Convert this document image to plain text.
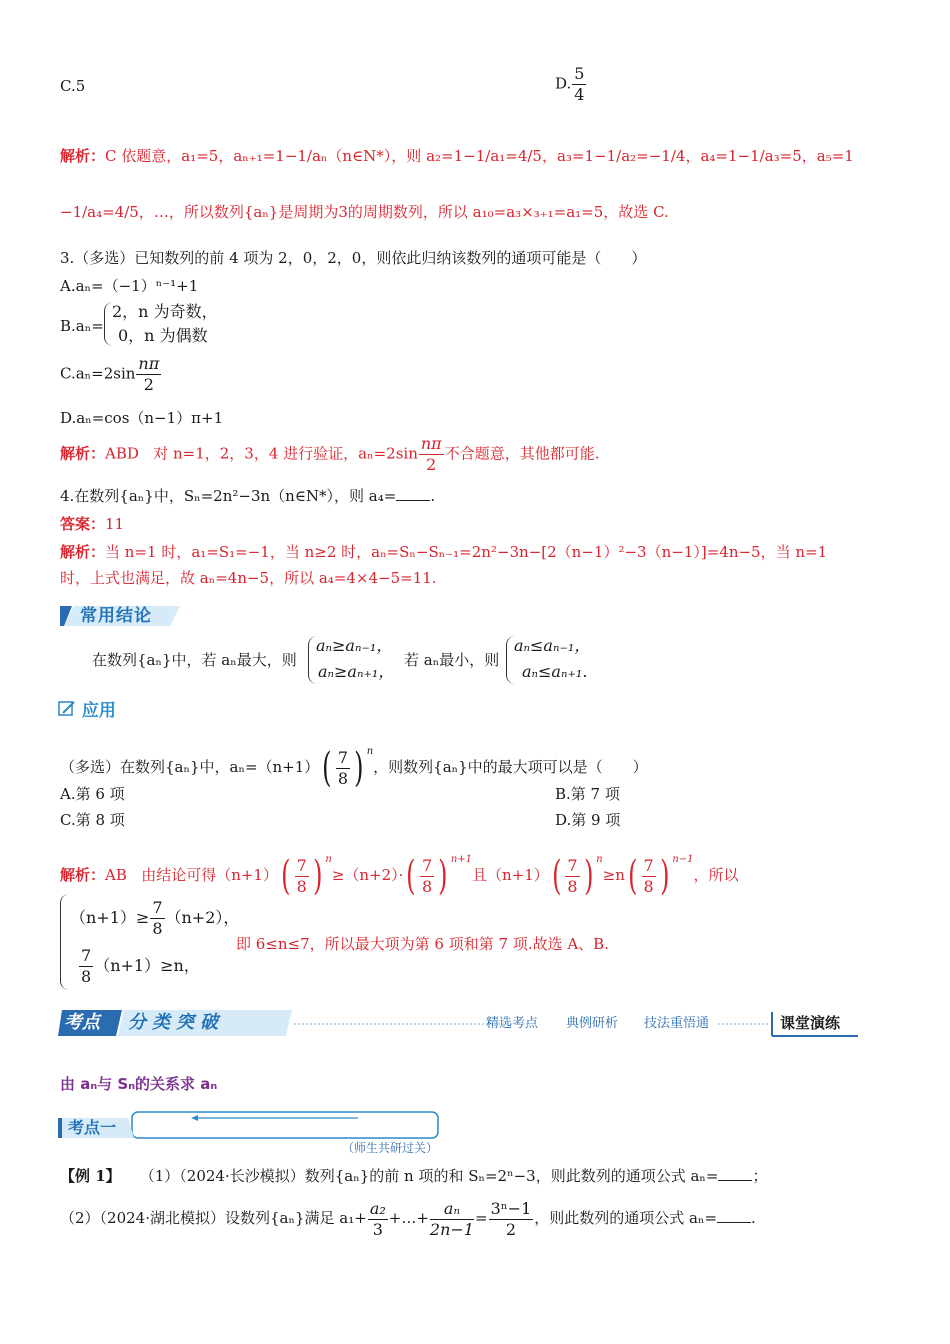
C.5	D. $\frac{5}{4}$
解析：C 依题意，a₁=5，aₙ₊₁=1−1/aₙ（n∈N*），则 a₂=1−1/a₁=4/5，a₃=1−1/a₂=−1/4，a₄=1−1/a₃=5，a₅=1
−1/a₄=4/5，…，所以数列{aₙ}是周期为3的周期数列，所以 a₁₀=a₃×₃₊₁=a₁=5，故选 C.
3.（多选）已知数列的前 4 项为 2，0，2，0，则依此归纳该数列的通项可能是（　　）
A.aₙ=（−1）ⁿ⁻¹+1
B.aₙ=
2，n 为奇数，
0，n 为偶数
$C.a_n=2\sin \frac{n\pi}{2}$
D.aₙ=cos（n−1）π+1
解析：ABD 对 n=1，2，3，4 进行验证，$a_n=2\sin \frac{n\pi}{2}$ 不合题意，其他都可能.
4.在数列{aₙ}中，Sₙ=2n²−3n（n∈N*），则 a₄= .
答案：11
解析：当 n=1 时，a₁=S₁=−1，当 n≥2 时，aₙ=Sₙ−Sₙ₋₁=2n²−3n−[2（n−1）²−3（n−1）]=4n−5，当 n=1
时，上式也满足，故 aₙ=4n−5，所以 a₄=4×4−5=11.
常用结论
在数列{aₙ}中，若 aₙ最大，则
aₙ≥aₙ₋₁，
aₙ≥aₙ₊₁，
若 aₙ最小，则
aₙ≤aₙ₋₁，
aₙ≤aₙ₊₁.
应用
（多选）在数列{aₙ}中，$a_n=(n+1)( \frac{7}{8}$ ) $^n$，则数列{aₙ}中的最大项可以是（　　）
A.第 6 项	B.第 7 项
C.第 8 项	D.第 9 项
解析：AB 由结论可得$(n+1)( \frac{7}{8}$ ) $^n\ge(n+2)\cdot( \frac{7}{8}$ ) $^{n+1}$且$(n+1)( \frac{7}{8}$ ) $^n\ge n( \frac{7}{8}$ ) $^{n-1}$，所以
$(n+1)\ge \frac{7}{8} (n+2)$，
$\frac{7}{8} (n+1)\ge n$，
即 6≤n≤7，所以最大项为第 6 项和第 7 项.故选 A、B.
考点 分类突破	精选考点 典例研析 技法重悟通	课堂演练
由 aₙ与 Sₙ的关系求 aₙ
考点一
（师生共研过关）
【例 1】 （1）（2024·长沙模拟）数列{aₙ}的前 n 项的和 Sₙ=2ⁿ−3，则此数列的通项公式 aₙ= ；
（2）（2024·湖北模拟）设数列{aₙ}满足 $a_1+ \frac{\text{a₂}}{3}$ +…+ $\frac{\text{aₙ}}{2n-1} = \frac{\text{3ⁿ−1}}{2}$ ，则此数列的通项公式 aₙ= .
